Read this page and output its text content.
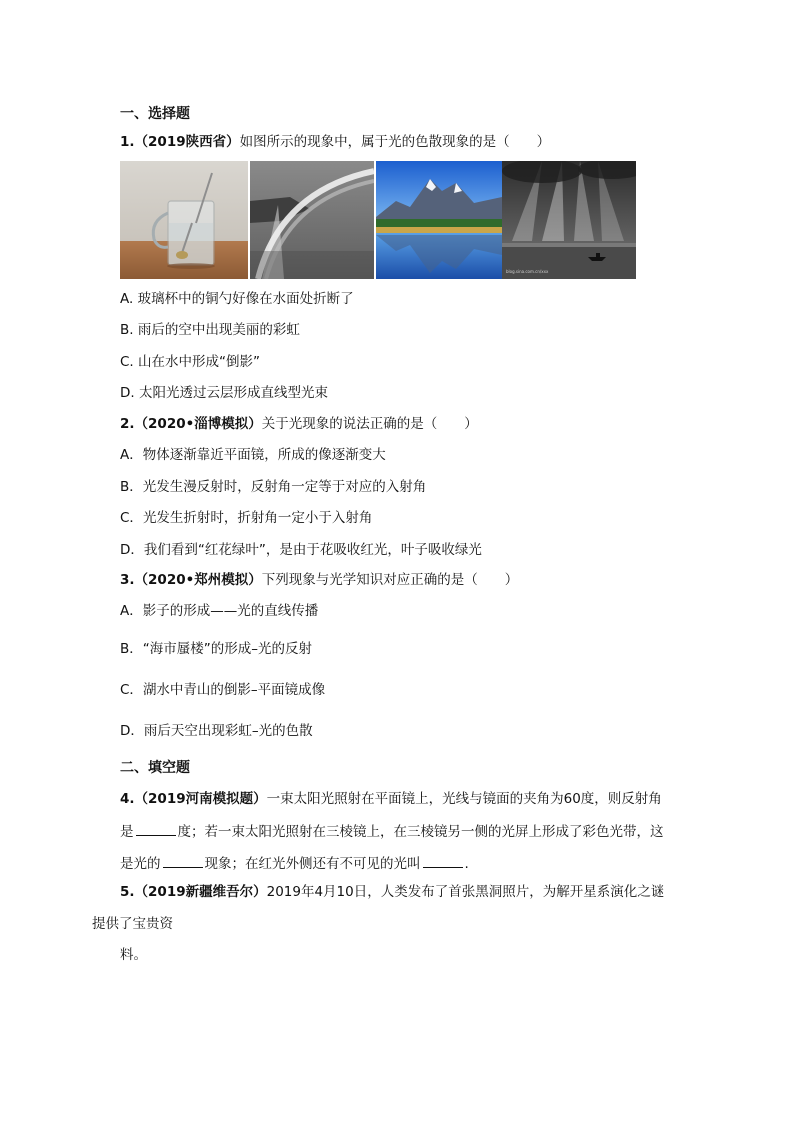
一、选择题
1.（2019陕西省）如图所示的现象中，属于光的色散现象的是（　　）
blog.sina.com.cn/xxx
A. 玻璃杯中的铜勺好像在水面处折断了
B. 雨后的空中出现美丽的彩虹
C. 山在水中形成“倒影”
D. 太阳光透过云层形成直线型光束
2.（2020•淄博模拟）关于光现象的说法正确的是（　　）
A．物体逐渐靠近平面镜，所成的像逐渐变大
B．光发生漫反射时，反射角一定等于对应的入射角
C．光发生折射时，折射角一定小于入射角
D．我们看到“红花绿叶”，是由于花吸收红光，叶子吸收绿光
3.（2020•郑州模拟）下列现象与光学知识对应正确的是（　　）
A．影子的形成——光的直线传播
B．“海市蜃楼”的形成–光的反射
C．湖水中青山的倒影–平面镜成像
D．雨后天空出现彩虹–光的色散
二、填空题
4.（2019河南模拟题）一束太阳光照射在平面镜上，光线与镜面的夹角为60度，则反射角
是	度；若一束太阳光照射在三棱镜上，在三棱镜另一侧的光屏上形成了彩色光带，这
是光的	现象；在红光外侧还有不可见的光叫	.
5.（2019新疆维吾尔）2019年4月10日，人类发布了首张黑洞照片，为解开星系演化之谜
提供了宝贵资
料。
